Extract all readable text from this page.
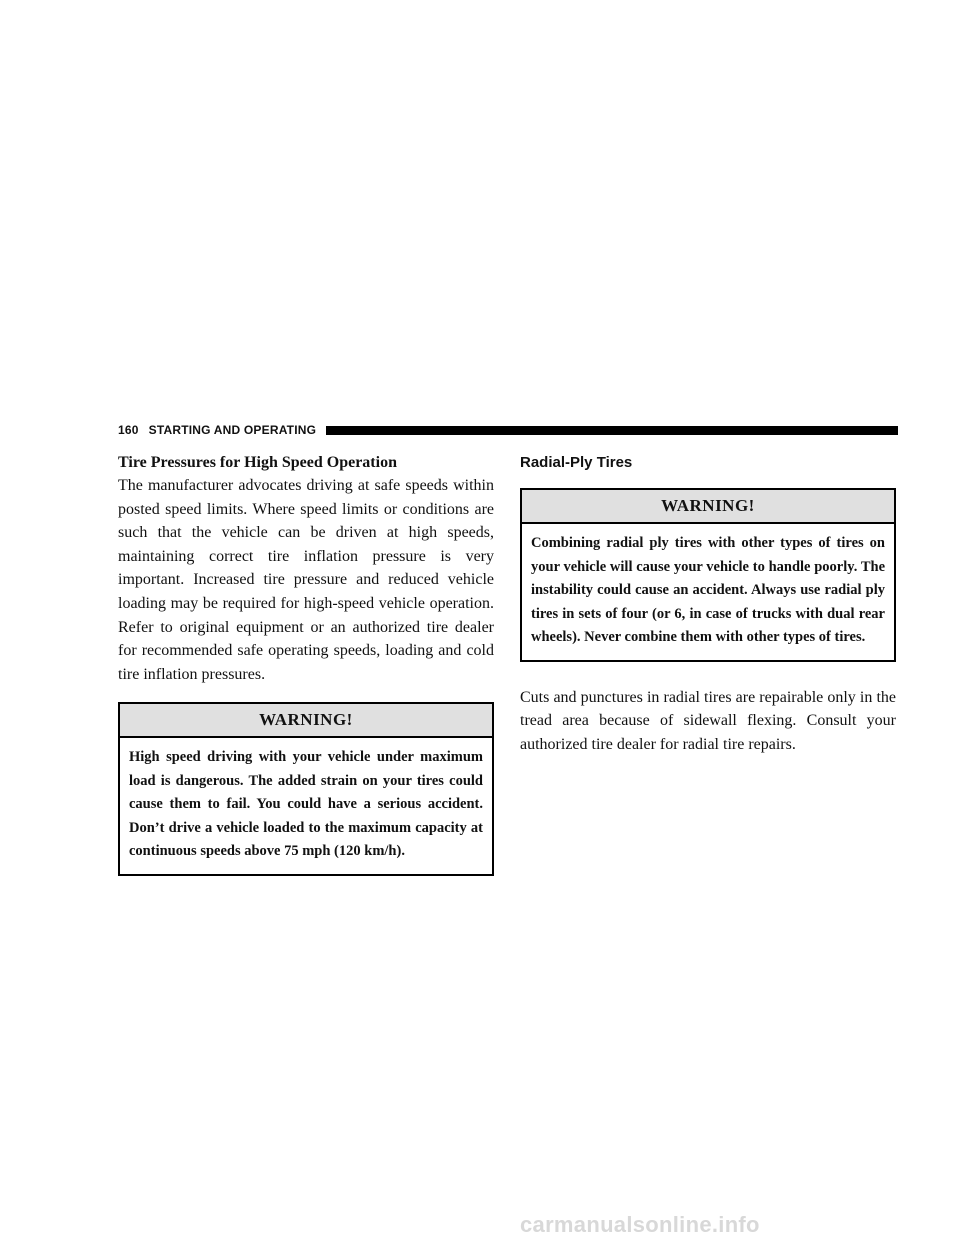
160 STARTING AND OPERATING
Tire Pressures for High Speed Operation

The manufacturer advocates driving at safe speeds within posted speed limits. Where speed limits or conditions are such that the vehicle can be driven at high speeds, maintaining correct tire inflation pressure is very important. Increased tire pressure and reduced vehicle loading may be required for high-speed vehicle operation. Refer to original equipment or an authorized tire dealer for recommended safe operating speeds, loading and cold tire inflation pressures.

WARNING!
High speed driving with your vehicle under maximum load is dangerous. The added strain on your tires could cause them to fail. You could have a serious accident. Don’t drive a vehicle loaded to the maximum capacity at continuous speeds above 75 mph (120 km/h).
Radial-Ply Tires
WARNING!
Combining radial ply tires with other types of tires on your vehicle will cause your vehicle to handle poorly. The instability could cause an accident. Always use radial ply tires in sets of four (or 6, in case of trucks with dual rear wheels). Never combine them with other types of tires.

Cuts and punctures in radial tires are repairable only in the tread area because of sidewall flexing. Consult your authorized tire dealer for radial tire repairs.

carmanualsonline.info
